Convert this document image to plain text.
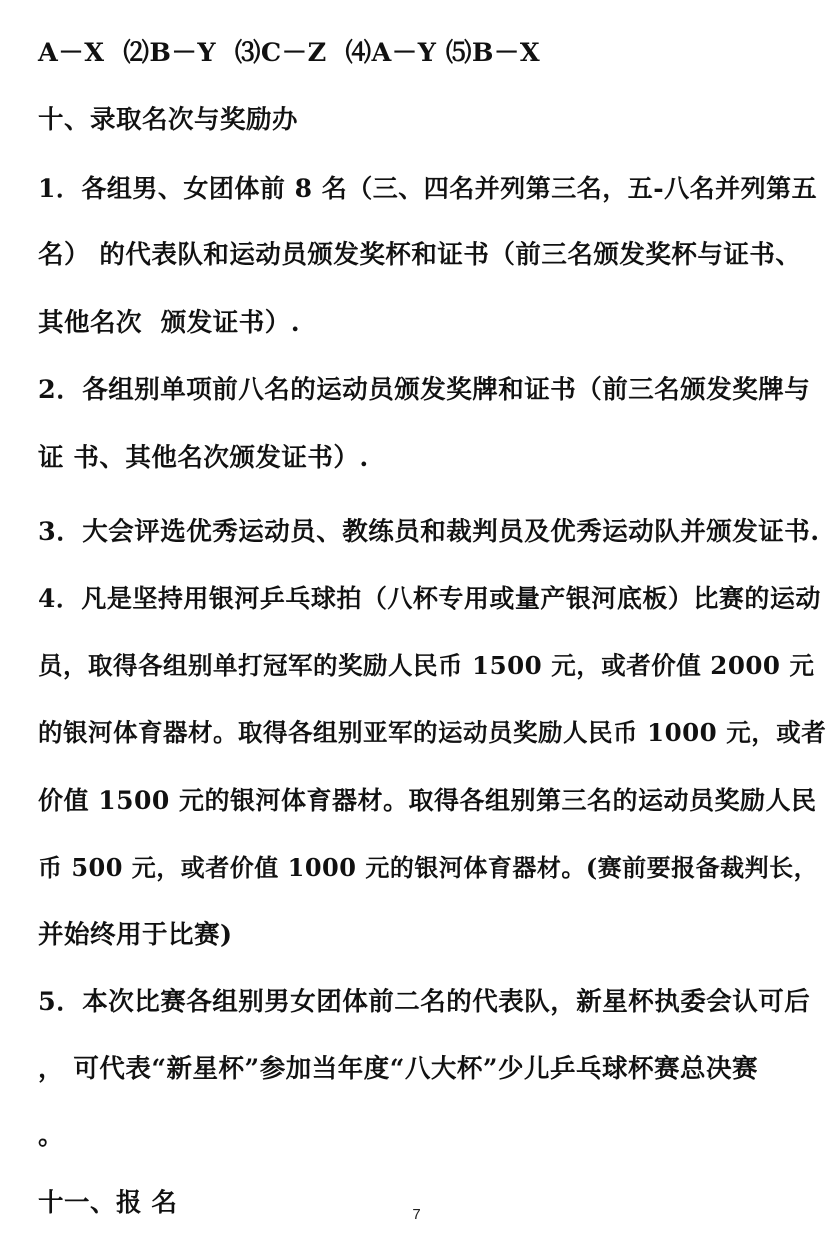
A－X  ⑵B－Y  ⑶C－Z  ⑷A－Y ⑸B－X
十、录取名次与奖励办
1．各组男、女团体前 8 名（三、四名并列第三名，五-八名并列第五
名） 的代表队和运动员颁发奖杯和证书（前三名颁发奖杯与证书、
其他名次  颁发证书）.
2．各组别单项前八名的运动员颁发奖牌和证书（前三名颁发奖牌与
证 书、其他名次颁发证书）.
3．大会评选优秀运动员、教练员和裁判员及优秀运动队并颁发证书.
4．凡是坚持用银河乒乓球拍（八杯专用或量产银河底板）比赛的运动
员，取得各组别单打冠军的奖励人民币 1500 元，或者价值 2000 元
的银河体育器材。取得各组别亚军的运动员奖励人民币 1000 元，或者
价值 1500 元的银河体育器材。取得各组别第三名的运动员奖励人民
币 500 元，或者价值 1000 元的银河体育器材。(赛前要报备裁判长，
并始终用于比赛)
5．本次比赛各组别男女团体前二名的代表队，新星杯执委会认可后
， 可代表“新星杯”参加当年度“八大杯”少儿乒乓球杯赛总决赛
。
十一、报 名	7
